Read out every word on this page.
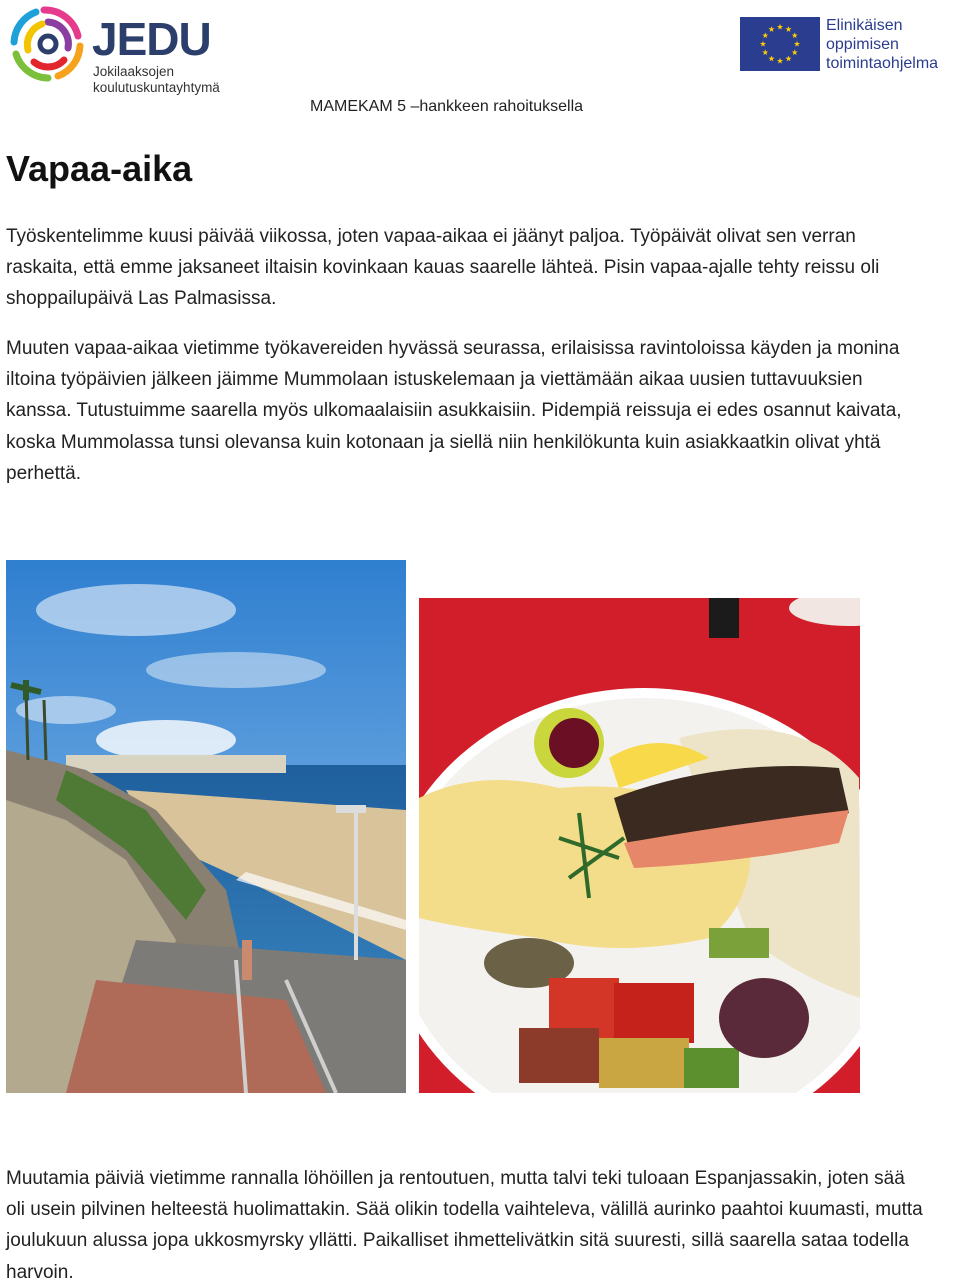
JEDU
Jokilaaksojen
koulutuskuntayhtymä
Elinikäisen
oppimisen
toimintaohjelma
MAMEKAM 5 –hankkeen rahoituksella
Vapaa-aika

Työskentelimme kuusi päivää viikossa, joten vapaa-aikaa ei jäänyt paljoa. Työpäivät olivat sen verran raskaita, että emme jaksaneet iltaisin kovinkaan kauas saarelle lähteä. Pisin vapaa-ajalle tehty reissu oli shoppailupäivä Las Palmasissa.

Muuten vapaa-aikaa vietimme työkavereiden hyvässä seurassa, erilaisissa ravintoloissa käyden ja monina iltoina työpäivien jälkeen jäimme Mummolaan istuskelemaan ja viettämään aikaa uusien tuttavuuksien kanssa. Tutustuimme saarella myös ulkomaalaisiin asukkaisiin. Pidempiä reissuja ei edes osannut kaivata, koska Mummolassa tunsi olevansa kuin kotonaan ja siellä niin henkilökunta kuin asiakkaatkin olivat yhtä perhettä.

Muutamia päiviä vietimme rannalla löhöillen ja rentoutuen, mutta talvi teki tuloaan Espanjassakin, joten sää oli usein pilvinen helteestä huolimattakin. Sää olikin todella vaihteleva, välillä aurinko paahtoi kuumasti, mutta joulukuun alussa jopa ukkosmyrsky yllätti. Paikalliset ihmettelivätkin sitä suuresti, sillä saarella sataa todella harvoin.
